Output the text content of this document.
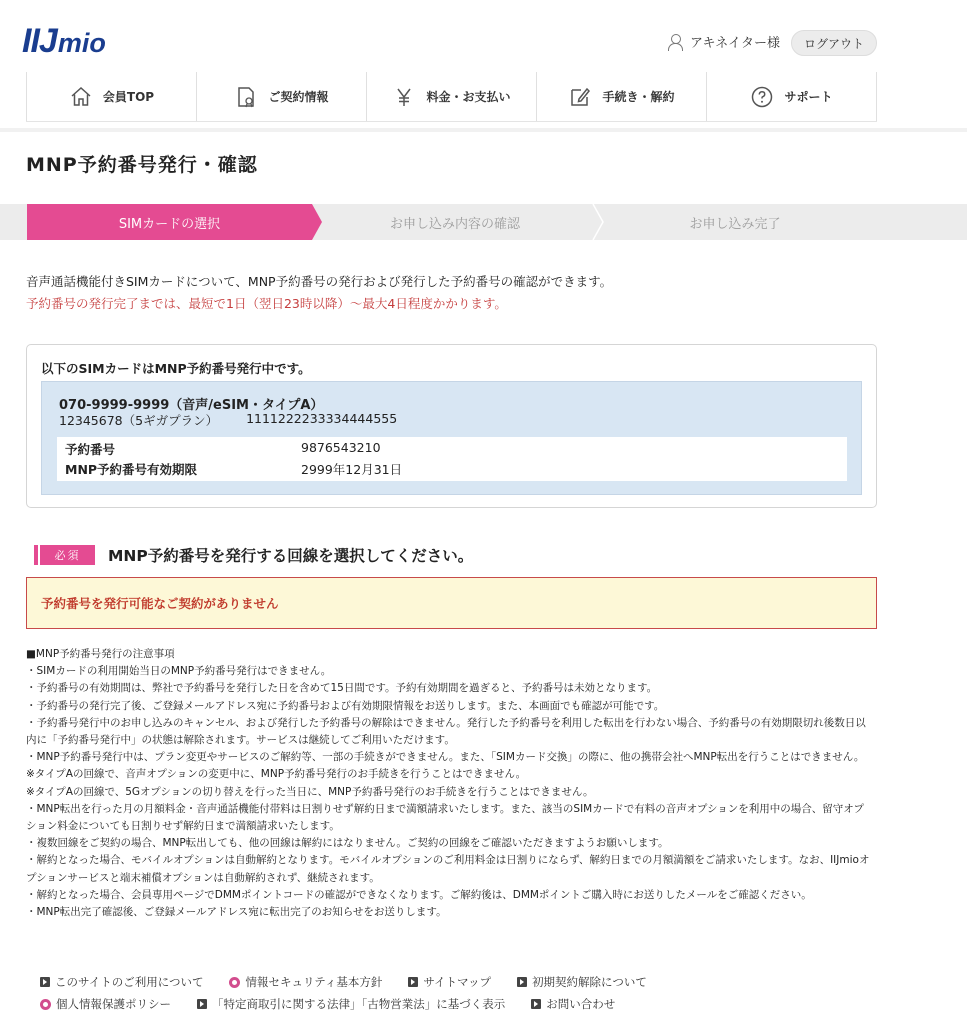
IIJ mio	アキネイター様	ログアウト
会員TOP	ご契約情報	料金・お支払い	手続き・解約	サポート
MNP予約番号発行・確認
SIMカードの選択	お申し込み内容の確認	お申し込み完了

音声通話機能付きSIMカードについて、MNP予約番号の発行および発行した予約番号の確認ができます。

予約番号の発行完了までは、最短で1日（翌日23時以降）〜最大4日程度かかります。

以下のSIMカードはMNP予約番号発行中です。
070-9999-9999（音声/eSIM・タイプA）
12345678（5ギガプラン） 1111222233334444555
予約番号	9876543210
MNP予約番号有効期限	2999年12月31日
必須	MNP予約番号を発行する回線を選択してください。
予約番号を発行可能なご契約がありません

■MNP予約番号発行の注意事項

・SIMカードの利用開始当日のMNP予約番号発行はできません。

・予約番号の有効期間は、弊社で予約番号を発行した日を含めて15日間です。予約有効期間を過ぎると、予約番号は未効となります。

・予約番号の発行完了後、ご登録メールアドレス宛に予約番号および有効期限情報をお送りします。また、本画面でも確認が可能です。

・予約番号発行中のお申し込みのキャンセル、および発行した予約番号の解除はできません。発行した予約番号を利用した転出を行わない場合、予約番号の有効期限切れ後数日以内に「予約番号発行中」の状態は解除されます。サービスは継続してご利用いただけます。

・MNP予約番号発行中は、プラン変更やサービスのご解約等、一部の手続きができません。また、「SIMカード交換」の際に、他の携帯会社へMNP転出を行うことはできません。

※タイプAの回線で、音声オプションの変更中に、MNP予約番号発行のお手続きを行うことはできません。

※タイプAの回線で、5Gオプションの切り替えを行った当日に、MNP予約番号発行のお手続きを行うことはできません。

・MNP転出を行った月の月額料金・音声通話機能付帯料は日割りせず解約日まで満額請求いたします。また、該当のSIMカードで有料の音声オプションを利用中の場合、留守オプション料金についても日割りせず解約日まで満額請求いたします。

・複数回線をご契約の場合、MNP転出しても、他の回線は解約にはなりません。ご契約の回線をご確認いただきますようお願いします。

・解約となった場合、モバイルオプションは自動解約となります。モバイルオプションのご利用料金は日割りにならず、解約日までの月額満額をご請求いたします。なお、IIJmioオプションサービスと端末補償オプションは自動解約されず、継続されます。

・解約となった場合、会員専用ページでDMMポイントコードの確認ができなくなります。ご解約後は、DMMポイントご購入時にお送りしたメールをご確認ください。

・MNP転出完了確認後、ご登録メールアドレス宛に転出完了のお知らせをお送りします。

このサイトのご利用について	情報セキュリティ基本方針	サイトマップ	初期契約解除について
個人情報保護ポリシー	「特定商取引に関する法律」「古物営業法」に基づく表示	お問い合わせ
